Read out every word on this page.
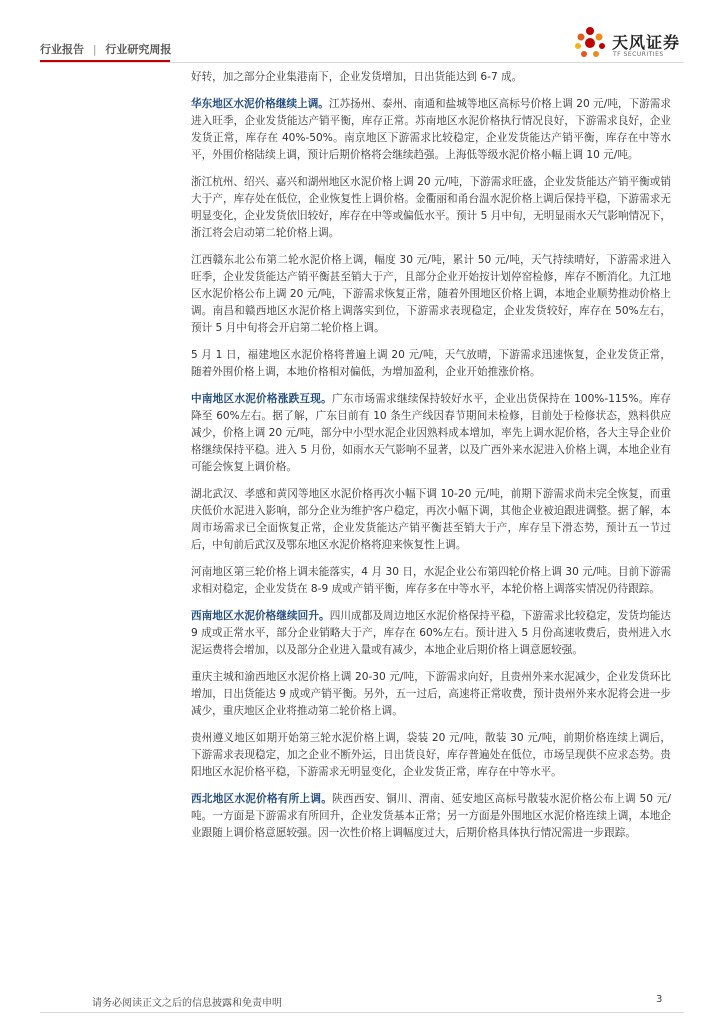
行业报告 | 行业研究周报	天风证券
TF SECURITIES

好转，加之部分企业集港南下，企业发货增加，日出货能达到 6-7 成。

华东地区水泥价格继续上调。江苏扬州、泰州、南通和盐城等地区高标号价格上调 20 元/吨，下游需求进入旺季，企业发货能达产销平衡，库存正常。苏南地区水泥价格执行情况良好，下游需求良好，企业发货正常，库存在 40%-50%。南京地区下游需求比较稳定，企业发货能达产销平衡，库存在中等水平，外围价格陆续上调，预计后期价格将会继续趋强。上海低等级水泥价格小幅上调 10 元/吨。

浙江杭州、绍兴、嘉兴和湖州地区水泥价格上调 20 元/吨，下游需求旺盛，企业发货能达产销平衡或销大于产，库存处在低位，企业恢复性上调价格。金衢丽和甬台温水泥价格上调后保持平稳，下游需求无明显变化，企业发货依旧较好，库存在中等或偏低水平。预计 5 月中旬，无明显雨水天气影响情况下，浙江将会启动第二轮价格上调。

江西赣东北公布第二轮水泥价格上调，幅度 30 元/吨，累计 50 元/吨，天气持续晴好，下游需求进入旺季，企业发货能达产销平衡甚至销大于产，且部分企业开始按计划停窑检修，库存不断消化。九江地区水泥价格公布上调 20 元/吨，下游需求恢复正常，随着外围地区价格上调，本地企业顺势推动价格上调。南昌和赣西地区水泥价格上调落实到位，下游需求表现稳定，企业发货较好，库存在 50%左右，预计 5 月中旬将会开启第二轮价格上调。

5 月 1 日，福建地区水泥价格将普遍上调 20 元/吨，天气放晴，下游需求迅速恢复，企业发货正常，随着外围价格上调，本地价格相对偏低，为增加盈利，企业开始推涨价格。

中南地区水泥价格涨跌互现。广东市场需求继续保持较好水平，企业出货保持在 100%-115%。库存降至 60%左右。据了解，广东目前有 10 条生产线因春节期间未检修，目前处于检修状态，熟料供应减少，价格上调 20 元/吨，部分中小型水泥企业因熟料成本增加，率先上调水泥价格，各大主导企业价格继续保持平稳。进入 5 月份，如雨水天气影响不显著，以及广西外来水泥进入价格上调，本地企业有可能会恢复上调价格。

湖北武汉、孝感和黄冈等地区水泥价格再次小幅下调 10-20 元/吨，前期下游需求尚未完全恢复，而重庆低价水泥进入影响，部分企业为维护客户稳定，再次小幅下调，其他企业被迫跟进调整。据了解，本周市场需求已全面恢复正常，企业发货能达产销平衡甚至销大于产，库存呈下滑态势，预计五一节过后，中旬前后武汉及鄂东地区水泥价格将迎来恢复性上调。

河南地区第三轮价格上调未能落实，4 月 30 日，水泥企业公布第四轮价格上调 30 元/吨。目前下游需求相对稳定，企业发货在 8-9 成或产销平衡，库存多在中等水平，本轮价格上调落实情况仍待跟踪。

西南地区水泥价格继续回升。四川成都及周边地区水泥价格保持平稳，下游需求比较稳定，发货均能达 9 成或正常水平，部分企业销略大于产，库存在 60%左右。预计进入 5 月份高速收费后，贵州进入水泥运费将会增加，以及部分企业进入量或有减少，本地企业后期价格上调意愿较强。

重庆主城和渝西地区水泥价格上调 20-30 元/吨，下游需求向好，且贵州外来水泥减少，企业发货环比增加，日出货能达 9 成或产销平衡。另外，五一过后，高速将正常收费，预计贵州外来水泥将会进一步减少，重庆地区企业将推动第二轮价格上调。

贵州遵义地区如期开始第三轮水泥价格上调，袋装 20 元/吨，散装 30 元/吨，前期价格连续上调后，下游需求表现稳定，加之企业不断外运，日出货良好，库存普遍处在低位，市场呈现供不应求态势。贵阳地区水泥价格平稳，下游需求无明显变化，企业发货正常，库存在中等水平。

西北地区水泥价格有所上调。陕西西安、铜川、渭南、延安地区高标号散装水泥价格公布上调 50 元/吨。一方面是下游需求有所回升，企业发货基本正常；另一方面是外围地区水泥价格连续上调，本地企业跟随上调价格意愿较强。因一次性价格上调幅度过大，后期价格具体执行情况需进一步跟踪。

请务必阅读正文之后的信息披露和免责申明	3
